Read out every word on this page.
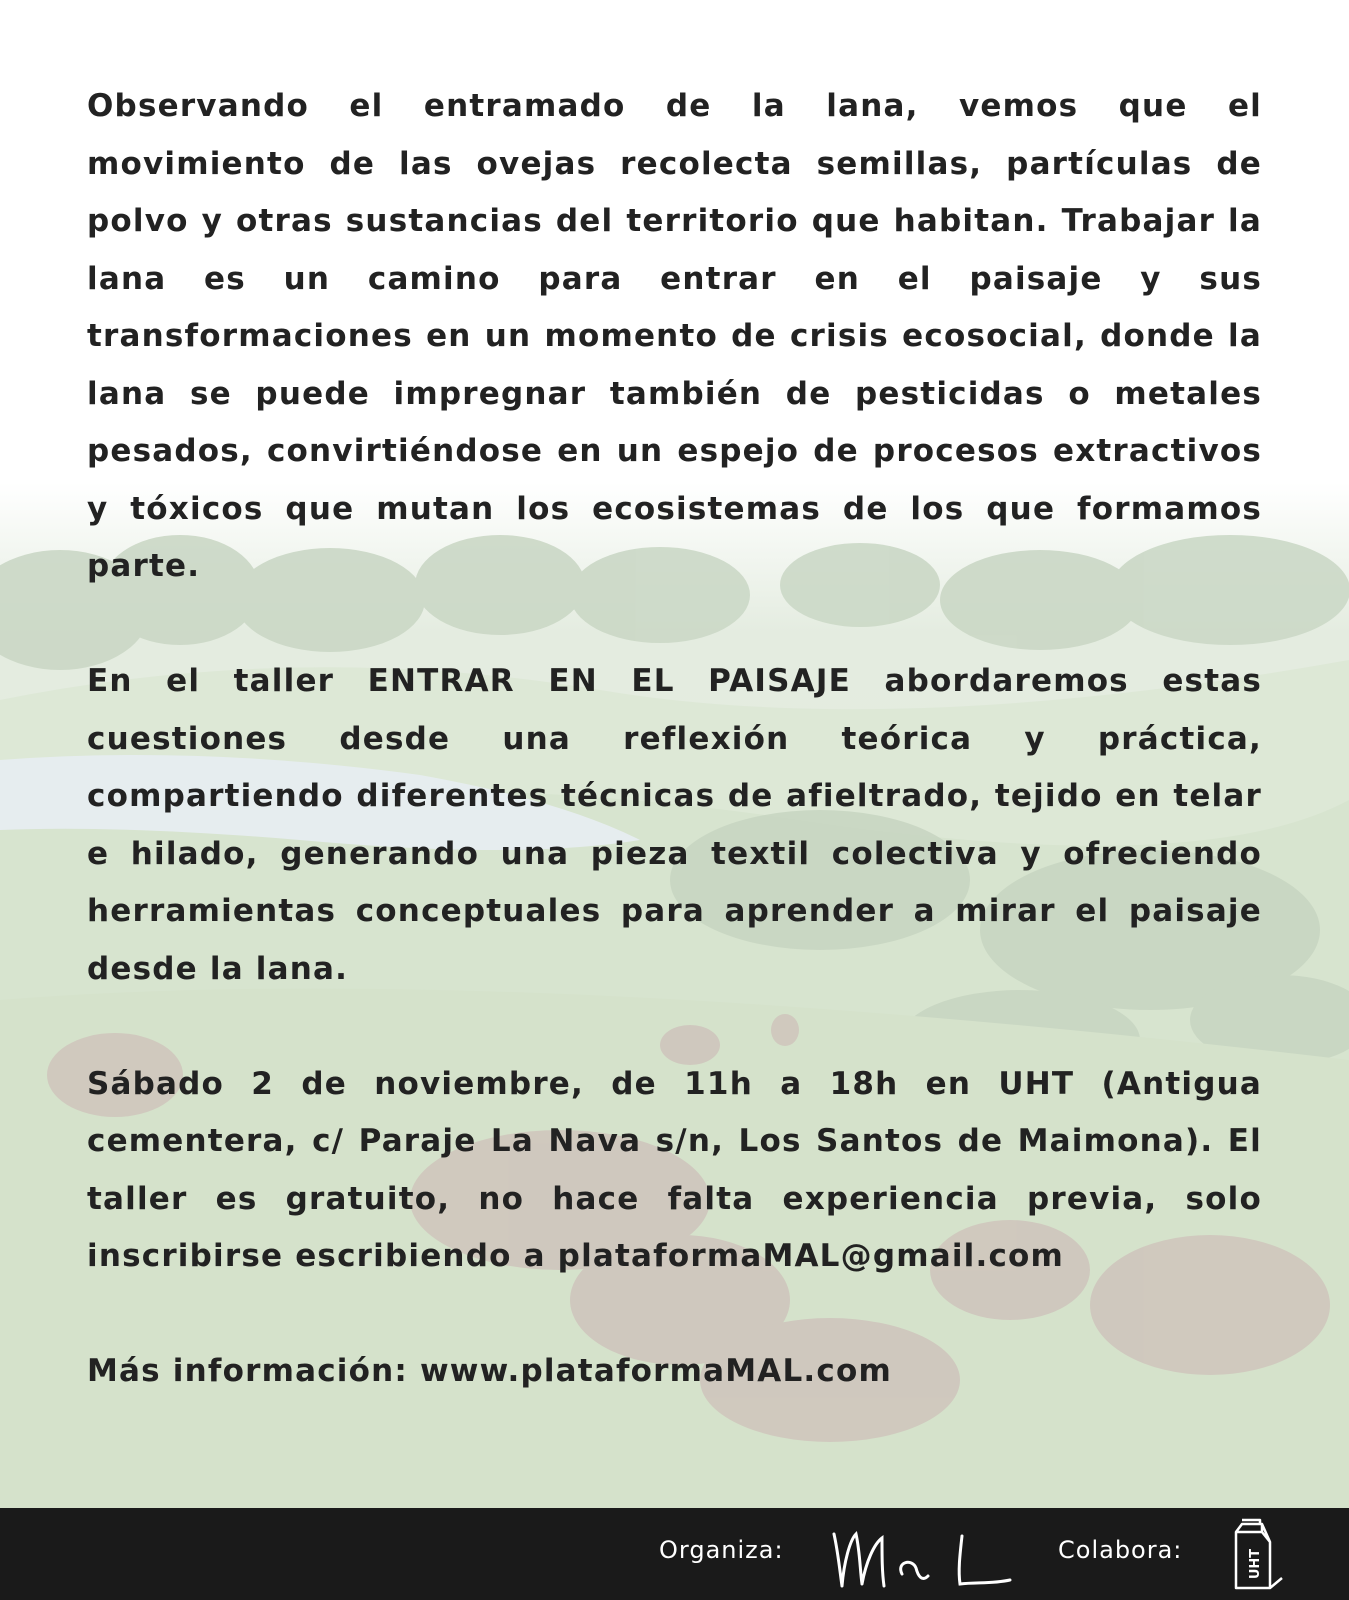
Observando el entramado de la lana, vemos que el movimiento de las ovejas recolecta semillas, partículas de polvo y otras sustancias del territorio que habitan. Trabajar la lana es un camino para entrar en el paisaje y sus transformaciones en un momento de crisis ecosocial, donde la lana se puede impregnar también de pesticidas o metales pesados, convirtiéndose en un espejo de procesos extractivos y tóxicos que mutan los ecosistemas de los que formamos parte.

En el taller ENTRAR EN EL PAISAJE abordaremos estas cuestiones desde una reflexión teórica y práctica, compartiendo diferentes técnicas de afieltrado, tejido en telar e hilado, generando una pieza textil colectiva y ofreciendo herramientas conceptuales para aprender a mirar el paisaje desde la lana.

Sábado 2 de noviembre, de 11h a 18h en UHT (Antigua cementera, c/ Paraje La Nava s/n, Los Santos de Maimona). El taller es gratuito, no hace falta experiencia previa, solo inscribirse escribiendo a plataformaMAL@gmail.com

Más información: www.plataformaMAL.com

Organiza:	Colabora:	UHT
